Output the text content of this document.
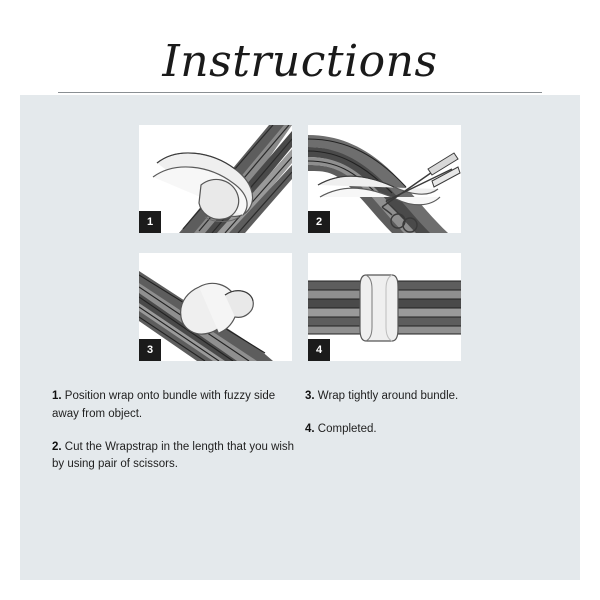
Instructions
1	2
3	4
1. Position wrap onto bundle with fuzzy side away from object.
2. Cut the Wrapstrap in the length that you wish by using pair of scissors.
3. Wrap tightly around bundle.
4. Completed.
